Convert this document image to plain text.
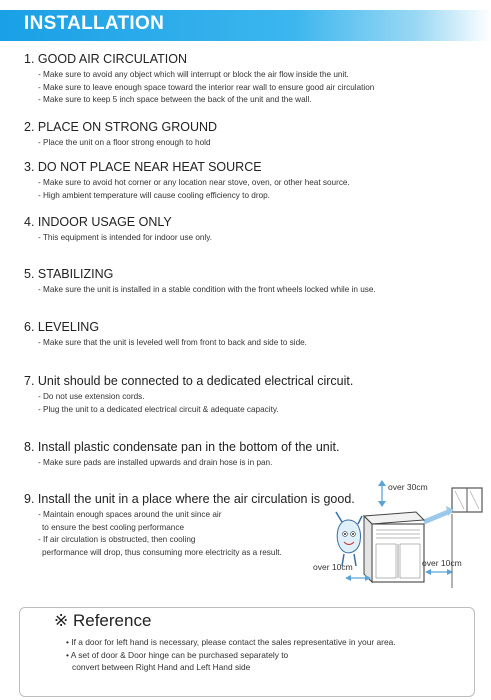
INSTALLATION

1. GOOD AIR CIRCULATION

- Make sure to avoid any object which will interrupt or block the air flow inside the unit.
- Make sure to leave enough space toward the interior rear wall to ensure good air circulation
- Make sure to keep 5 inch space between the back of the unit and the wall.

2. PLACE ON STRONG GROUND

- Place the unit on a floor strong enough to hold

3. DO NOT PLACE NEAR HEAT SOURCE

- Make sure to avoid hot corner or any location near stove, oven, or other heat source.
- High ambient temperature will cause cooling efficiency to drop.

4. INDOOR USAGE ONLY

- This equipment is intended for indoor use only.

5. STABILIZING

- Make sure the unit is installed in a stable condition with the front wheels locked while in use.

6. LEVELING

- Make sure that the unit is leveled well from front to back and side to side.

7. Unit should be connected to a dedicated electrical circuit.

- Do not use extension cords.
- Plug the unit to a dedicated electrical circuit & adequate capacity.

8. Install plastic condensate pan in the bottom of the unit.

- Make sure pads are installed upwards and drain hose is in pan.

9. Install the unit in a place where the air circulation is good.

- Maintain enough spaces around the unit since air
to ensure the best cooling performance
- If air circulation is obstructed, then cooling
performance will drop, thus consuming more electricity as a result.
over 30cm
over 10cm	over 10cm
※ Reference
• If a door for left hand is necessary, please contact the sales representative in your area.
• A set of door & Door hinge can be purchased separately to
convert between Right Hand and Left Hand side
